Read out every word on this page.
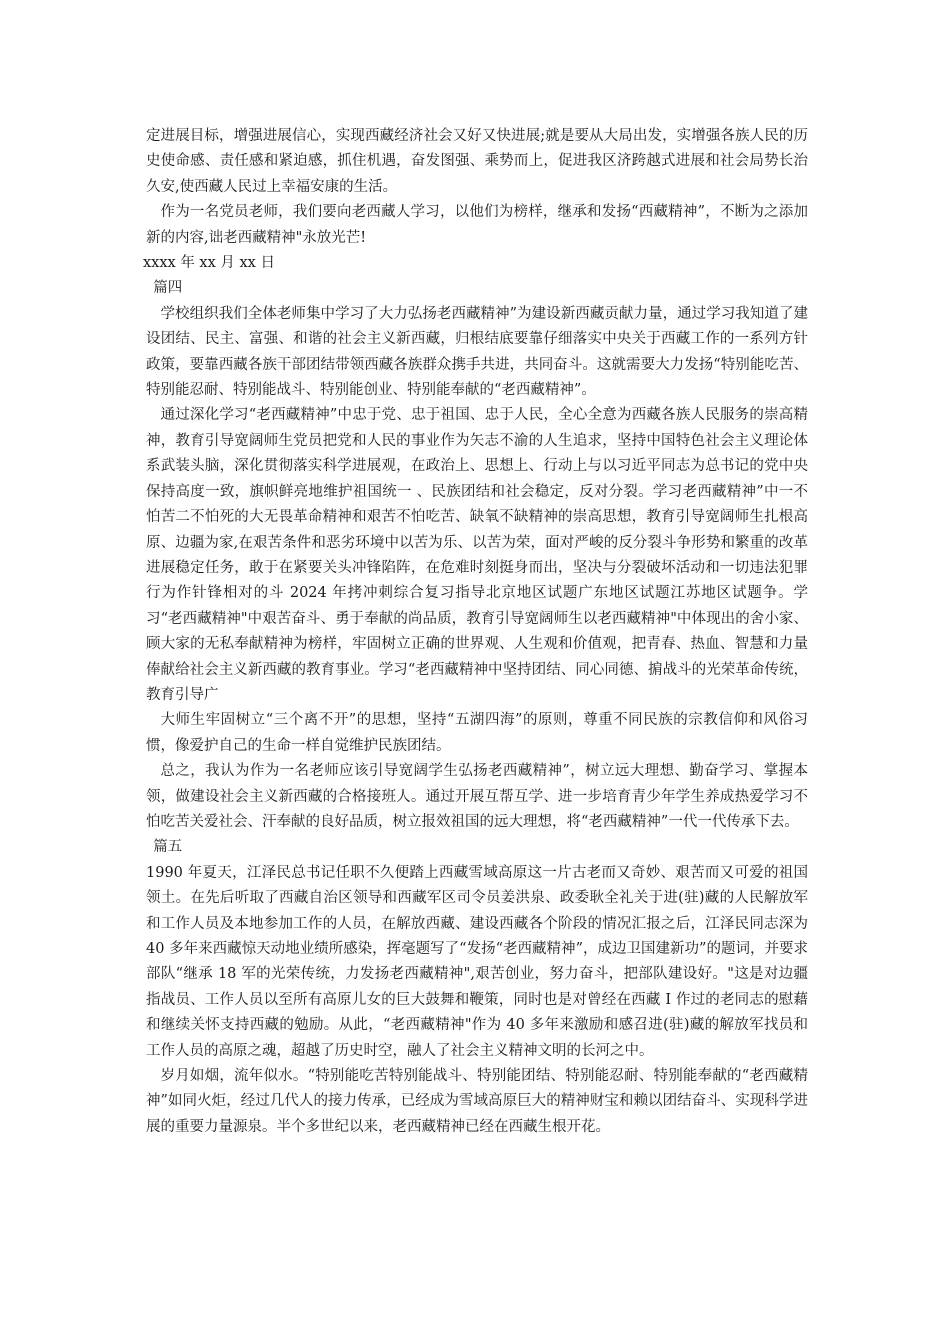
定进展目标，增强进展信心，实现西藏经济社会又好又快进展;就是要从大局出发，实增强各族人民的历史使命感、责任感和紧迫感，抓住机遇，奋发图强、乘势而上，促进我区济跨越式进展和社会局势长治久安,使西藏人民过上幸福安康的生活。

作为一名党员老师，我们要向老西藏人学习，以他们为榜样，继承和发扬“西藏精神”，不断为之添加新的内容,诎老西藏精神"永放光芒!

xxxx 年 xx 月 xx 日

篇四

学校组织我们全体老师集中学习了大力弘扬老西藏精神”为建设新西藏贡献力量，通过学习我知道了建设团结、民主、富强、和谐的社会主义新西藏，归根结底要靠仔细落实中央关于西藏工作的一系列方针政策，要靠西藏各族干部团结带领西藏各族群众携手共进，共同奋斗。这就需要大力发扬“特别能吃苦、特别能忍耐、特别能战斗、特别能创业、特别能奉献的“老西藏精神”。

通过深化学习“老西藏精神”中忠于党、忠于祖国、忠于人民，全心全意为西藏各族人民服务的崇高精神，教育引导宽阔师生党员把党和人民的事业作为矢志不渝的人生追求，坚持中国特色社会主义理论体系武装头脑，深化贯彻落实科学进展观，在政治上、思想上、行动上与以习近平同志为总书记的党中央保持高度一致，旗帜鲜亮地维护祖国统一 、民族团结和社会稳定，反对分裂。学习老西藏精神”中一不怕苦二不怕死的大无畏革命精神和艰苦不怕吃苦、缺氧不缺精神的崇高思想，教育引导宽阔师生扎根高原、边疆为家,在艰苦条件和恶劣环境中以苦为乐、以苦为荣，面对严峻的反分裂斗争形势和繁重的改革进展稳定任务，敢于在紧要关头冲锋陷阵，在危难时刻挺身而出，坚决与分裂破坏活动和一切违法犯罪行为作针锋相对的斗 2024 年拷冲刺综合复习指导北京地区试题广东地区试题江苏地区试题争。学习“老西藏精神"中艰苦奋斗、勇于奉献的尚品质，教育引导宽阔师生以老西藏精神"中体现出的舍小家、顾大家的无私奉献精神为榜样，牢固树立正确的世界观、人生观和价值观，把青春、热血、智慧和力量俸献给社会主义新西藏的教育事业。学习“老西藏精神中坚持团结、同心同德、掮战斗的光荣革命传统，教育引导广

大师生牢固树立“三个离不开”的思想，坚持“五湖四海”的原则，尊重不同民族的宗教信仰和风俗习惯，像爱护自己的生命一样自觉维护民族团结。

总之，我认为作为一名老师应该引导宽阔学生弘扬老西藏精神”，树立远大理想、勤奋学习、掌握本领，做建设社会主义新西藏的合格接班人。通过开展互帮互学、进一步培育青少年学生养成热爱学习不怕吃苦关爱社会、汗奉献的良好品质，树立报效祖国的远大理想，将“老西藏精神”一代一代传承下去。

篇五

1990 年夏天，江泽民总书记任职不久便踏上西藏雪域高原这一片古老而又奇妙、艰苦而又可爱的祖国领土。在先后听取了西藏自治区领导和西藏军区司令员姜洪泉、政委耿全礼关于进(驻)藏的人民解放军和工作人员及本地参加工作的人员，在解放西藏、建设西藏各个阶段的情况汇报之后，江泽民同志深为 40 多年来西藏惊天动地业绩所感染，挥毫题写了“发扬“老西藏精神”，成边卫国建新功”的题词，并要求部队“继承 18 军的光荣传统，力发扬老西藏精神",艰苦创业，努力奋斗，把部队建设好。"这是对边疆指战员、工作人员以至所有高原儿女的巨大鼓舞和鞭策，同时也是对曾经在西藏 I 作过的老同志的慰藉和继续关怀支持西藏的勉励。从此，“老西藏精神"作为 40 多年来激励和感召进(驻)藏的解放军找员和工作人员的高原之魂，超越了历史时空，融人了社会主义精神文明的长河之中。

岁月如烟，流年似水。“特别能吃苦特别能战斗、特别能团结、特别能忍耐、特别能奉献的“老西藏精神”如同火炬，经过几代人的接力传承，已经成为雪域高原巨大的精神财宝和赖以团结奋斗、实现科学进展的重要力量源泉。半个多世纪以来，老西藏精神已经在西藏生根开花。
